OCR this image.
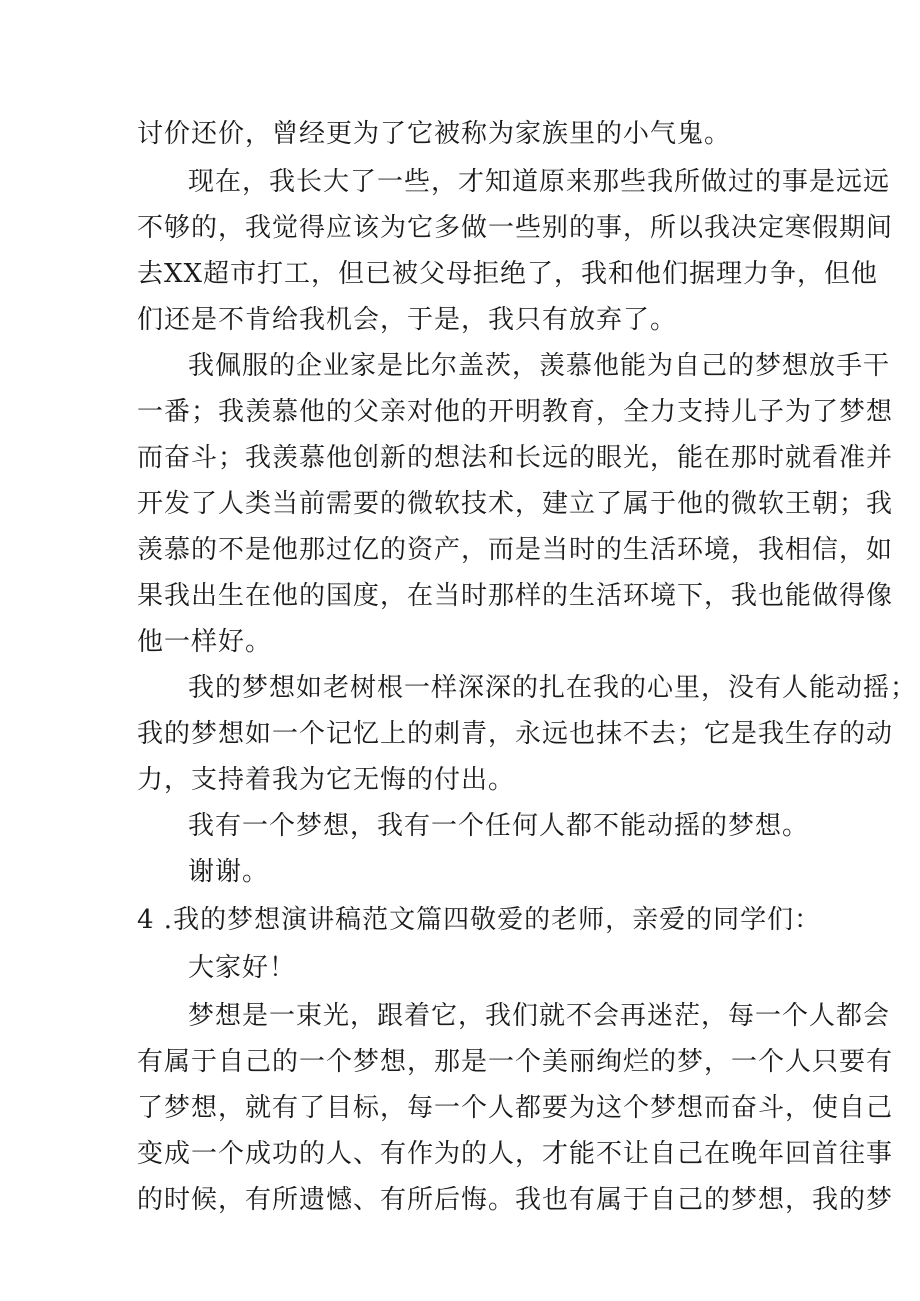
讨价还价，曾经更为了它被称为家族里的小气鬼。
现在，我长大了一些，才知道原来那些我所做过的事是远远
不够的，我觉得应该为它多做一些别的事，所以我决定寒假期间
去XX超市打工，但已被父母拒绝了，我和他们据理力争，但他
们还是不肯给我机会，于是，我只有放弃了。
我佩服的企业家是比尔盖茨，羡慕他能为自己的梦想放手干
一番；我羡慕他的父亲对他的开明教育，全力支持儿子为了梦想
而奋斗；我羡慕他创新的想法和长远的眼光，能在那时就看准并
开发了人类当前需要的微软技术，建立了属于他的微软王朝；我
羡慕的不是他那过亿的资产，而是当时的生活环境，我相信，如
果我出生在他的国度，在当时那样的生活环境下，我也能做得像
他一样好。
我的梦想如老树根一样深深的扎在我的心里，没有人能动摇；
我的梦想如一个记忆上的刺青，永远也抹不去；它是我生存的动
力，支持着我为它无悔的付出。
我有一个梦想，我有一个任何人都不能动摇的梦想。
谢谢。
4 .我的梦想演讲稿范文篇四敬爱的老师，亲爱的同学们：
大家好！
梦想是一束光，跟着它，我们就不会再迷茫，每一个人都会
有属于自己的一个梦想，那是一个美丽绚烂的梦，一个人只要有
了梦想，就有了目标，每一个人都要为这个梦想而奋斗，使自己
变成一个成功的人、有作为的人，才能不让自己在晚年回首往事
的时候，有所遗憾、有所后悔。我也有属于自己的梦想，我的梦
